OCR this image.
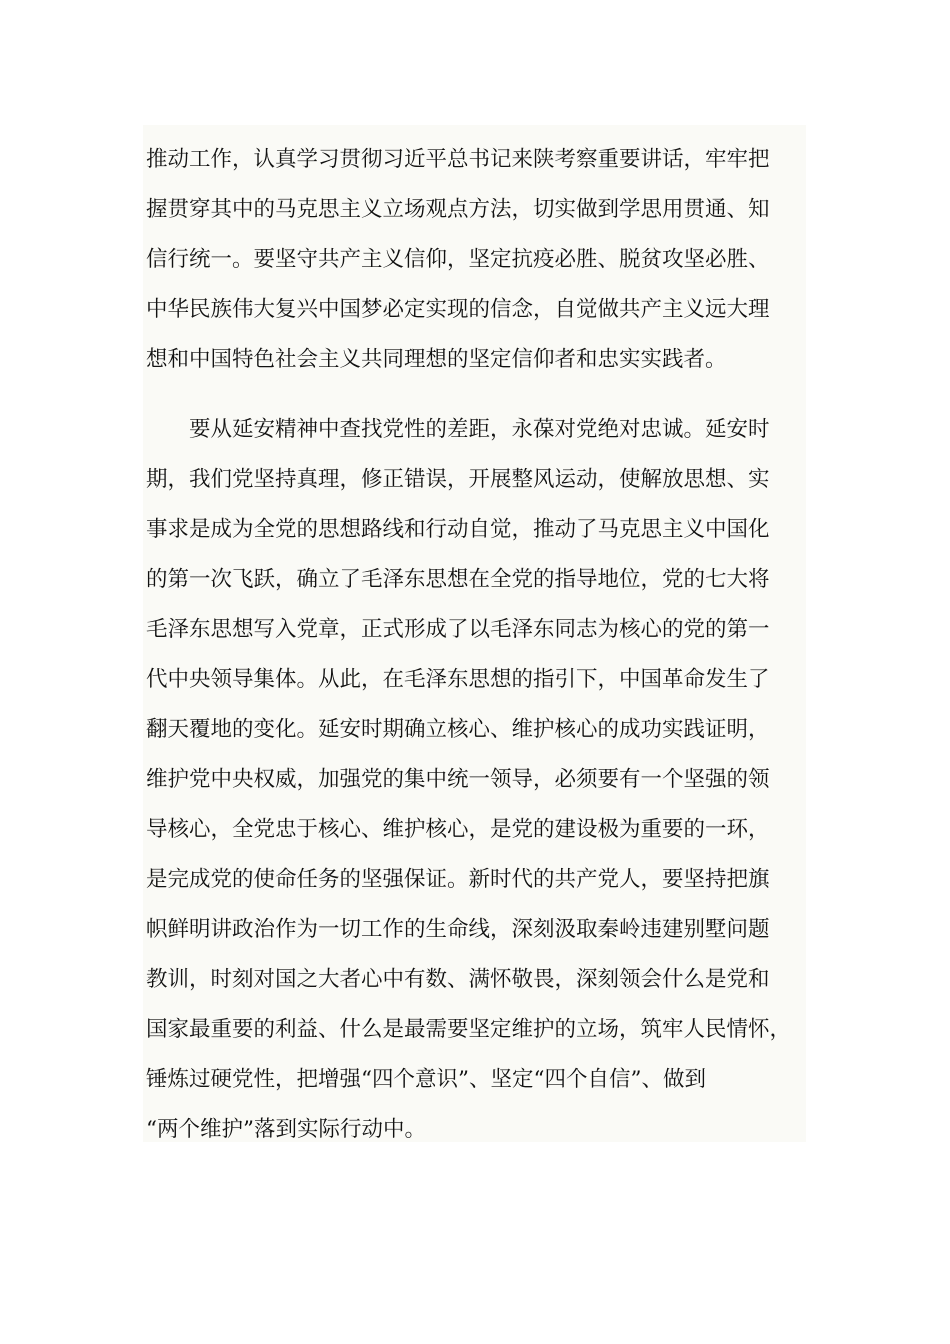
推动工作，认真学习贯彻习近平总书记来陕考察重要讲话，牢牢把
握贯穿其中的马克思主义立场观点方法，切实做到学思用贯通、知
信行统一。要坚守共产主义信仰，坚定抗疫必胜、脱贫攻坚必胜、
中华民族伟大复兴中国梦必定实现的信念，自觉做共产主义远大理
想和中国特色社会主义共同理想的坚定信仰者和忠实实践者。
　　要从延安精神中查找党性的差距，永葆对党绝对忠诚。延安时
期，我们党坚持真理，修正错误，开展整风运动，使解放思想、实
事求是成为全党的思想路线和行动自觉，推动了马克思主义中国化
的第一次飞跃，确立了毛泽东思想在全党的指导地位，党的七大将
毛泽东思想写入党章，正式形成了以毛泽东同志为核心的党的第一
代中央领导集体。从此，在毛泽东思想的指引下，中国革命发生了
翻天覆地的变化。延安时期确立核心、维护核心的成功实践证明，
维护党中央权威，加强党的集中统一领导，必须要有一个坚强的领
导核心，全党忠于核心、维护核心，是党的建设极为重要的一环，
是完成党的使命任务的坚强保证。新时代的共产党人，要坚持把旗
帜鲜明讲政治作为一切工作的生命线，深刻汲取秦岭违建别墅问题
教训，时刻对国之大者心中有数、满怀敬畏，深刻领会什么是党和
国家最重要的利益、什么是最需要坚定维护的立场，筑牢人民情怀，
锤炼过硬党性，把增强“四个意识”、坚定“四个自信”、做到
“两个维护”落到实际行动中。
